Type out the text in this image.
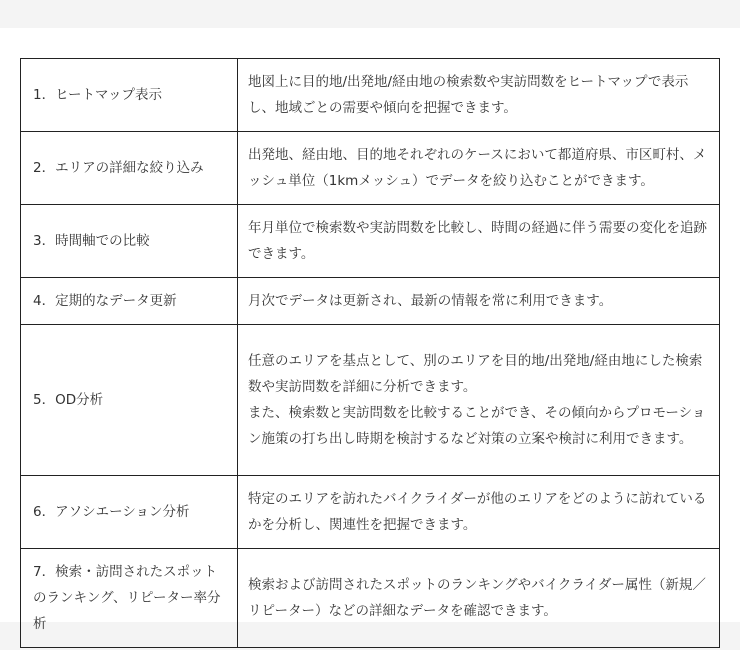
1．ヒートマップ表示	地図上に目的地/出発地/経由地の検索数や実訪問数をヒートマップで表示し、地域ごとの需要や傾向を把握できます。
2．エリアの詳細な絞り込み	出発地、経由地、目的地それぞれのケースにおいて都道府県、市区町村、メッシュ単位（1kmメッシュ）でデータを絞り込むことができます。
3．時間軸での比較	年月単位で検索数や実訪問数を比較し、時間の経過に伴う需要の変化を追跡できます。
4．定期的なデータ更新	月次でデータは更新され、最新の情報を常に利用できます。
5．OD分析	任意のエリアを基点として、別のエリアを目的地/出発地/経由地にした検索数や実訪問数を詳細に分析できます。
また、検索数と実訪問数を比較することができ、その傾向からプロモーション施策の打ち出し時期を検討するなど対策の立案や検討に利用できます。

6．アソシエーション分析	特定のエリアを訪れたバイクライダーが他のエリアをどのように訪れているかを分析し、関連性を把握できます。
7．検索・訪問されたスポットのランキング、リピーター率分析	検索および訪問されたスポットのランキングやバイクライダー属性（新規／リピーター）などの詳細なデータを確認できます。
